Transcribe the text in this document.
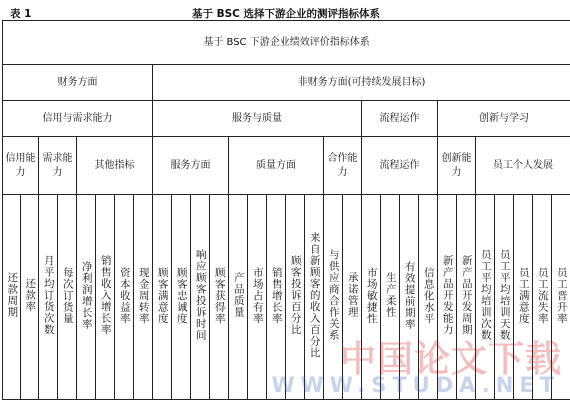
表 1	基于 BSC 选择下游企业的测评指标体系
基于 BSC 下游企业绩效评价指标体系																													
财务方面								非财务方面(可持续发展目标)																					
信用与需求能力								服务与质量											流程运作				创新与学习						
信用能力		需求能力		其他指标				服务方面				质量方面					合作能力		流程运作				创新能力		员工个人发展				
还款周期	还款率	月平均订货次数	每次订货量	净利润增长率	销售收入增长率	资本收益率	现金周转率	顾客满意度	顾客忠诚度	响应顾客投诉时间	顾客获得率	产品质量	市场占有率	销售增长率	顾客投诉百分比	来自新顾客的收入百分比	与供应商合作关系	承诺管理	市场敏捷性	生产柔性	有效提前期率	信息化水平	新产品开发能力	新产品开发周期	员工平均培训次数	员工平均培训天数	员工满意度	员工流失率	员工晋升率
中国论文下载
WWW.STUDA.NET
